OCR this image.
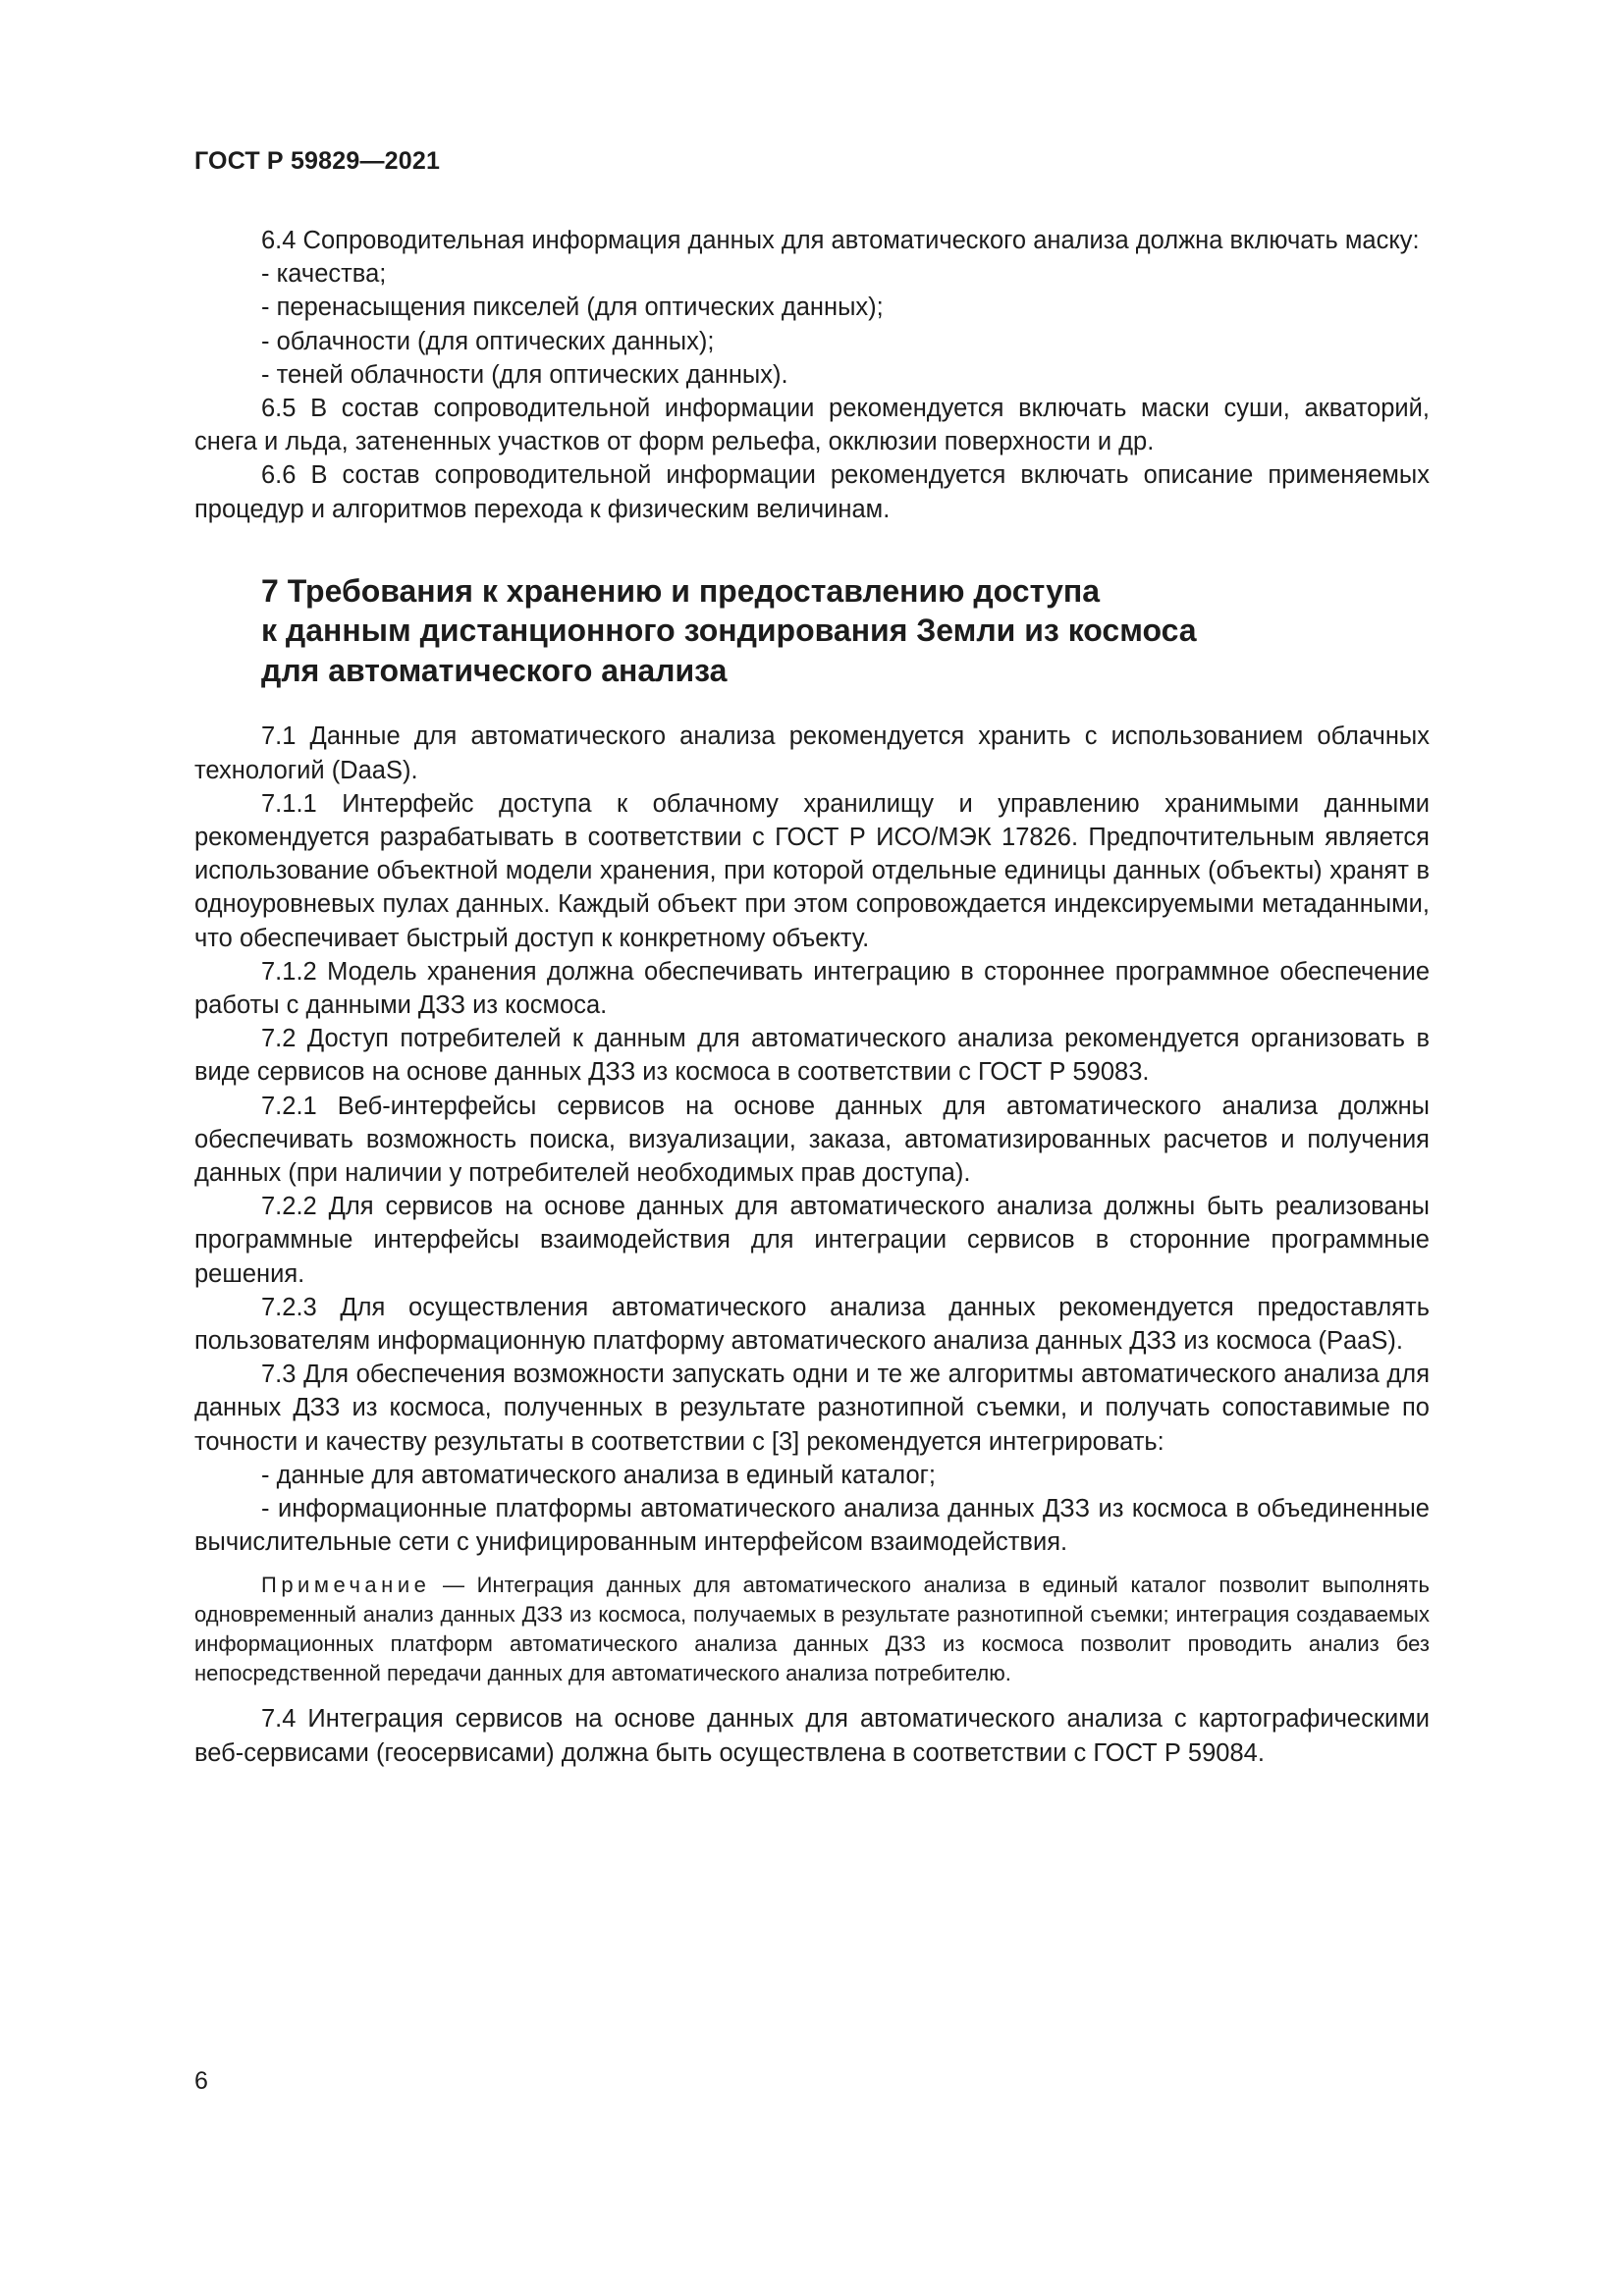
ГОСТ Р 59829—2021

6.4 Сопроводительная информация данных для автоматического анализа должна включать маску:

- качества;

- перенасыщения пикселей (для оптических данных);

- облачности (для оптических данных);

- теней облачности (для оптических данных).

6.5 В состав сопроводительной информации рекомендуется включать маски суши, акваторий, снега и льда, затененных участков от форм рельефа, окклюзии поверхности и др.

6.6 В состав сопроводительной информации рекомендуется включать описание применяемых процедур и алгоритмов перехода к физическим величинам.

7 Требования к хранению и предоставлению доступа
к данным дистанционного зондирования Земли из космоса
для автоматического анализа

7.1 Данные для автоматического анализа рекомендуется хранить с использованием облачных технологий (DaaS).

7.1.1 Интерфейс доступа к облачному хранилищу и управлению хранимыми данными рекомендуется разрабатывать в соответствии с ГОСТ Р ИСО/МЭК 17826. Предпочтительным является использование объектной модели хранения, при которой отдельные единицы данных (объекты) хранят в одноуровневых пулах данных. Каждый объект при этом сопровождается индексируемыми метаданными, что обеспечивает быстрый доступ к конкретному объекту.

7.1.2 Модель хранения должна обеспечивать интеграцию в стороннее программное обеспечение работы с данными ДЗЗ из космоса.

7.2 Доступ потребителей к данным для автоматического анализа рекомендуется организовать в виде сервисов на основе данных ДЗЗ из космоса в соответствии с ГОСТ Р 59083.

7.2.1 Веб-интерфейсы сервисов на основе данных для автоматического анализа должны обеспечивать возможность поиска, визуализации, заказа, автоматизированных расчетов и получения данных (при наличии у потребителей необходимых прав доступа).

7.2.2 Для сервисов на основе данных для автоматического анализа должны быть реализованы программные интерфейсы взаимодействия для интеграции сервисов в сторонние программные решения.

7.2.3 Для осуществления автоматического анализа данных рекомендуется предоставлять пользователям информационную платформу автоматического анализа данных ДЗЗ из космоса (PaaS).

7.3 Для обеспечения возможности запускать одни и те же алгоритмы автоматического анализа для данных ДЗЗ из космоса, полученных в результате разнотипной съемки, и получать сопоставимые по точности и качеству результаты в соответствии с [3] рекомендуется интегрировать:

- данные для автоматического анализа в единый каталог;

- информационные платформы автоматического анализа данных ДЗЗ из космоса в объединенные вычислительные сети с унифицированным интерфейсом взаимодействия.

Примечание — Интеграция данных для автоматического анализа в единый каталог позволит выполнять одновременный анализ данных ДЗЗ из космоса, получаемых в результате разнотипной съемки; интеграция создаваемых информационных платформ автоматического анализа данных ДЗЗ из космоса позволит проводить анализ без непосредственной передачи данных для автоматического анализа потребителю.

7.4 Интеграция сервисов на основе данных для автоматического анализа с картографическими веб-сервисами (геосервисами) должна быть осуществлена в соответствии с ГОСТ Р 59084.

6
